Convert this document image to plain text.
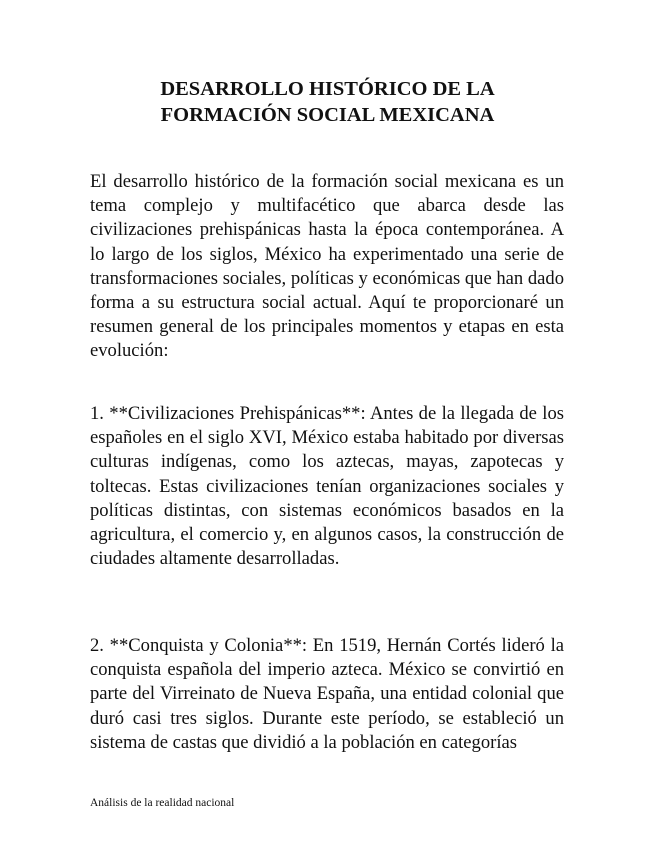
DESARROLLO HISTÓRICO DE LA
FORMACIÓN SOCIAL MEXICANA

El desarrollo histórico de la formación social mexicana es un tema complejo y multifacético que abarca desde las civilizaciones prehispánicas hasta la época contemporánea. A lo largo de los siglos, México ha experimentado una serie de transformaciones sociales, políticas y económicas que han dado forma a su estructura social actual. Aquí te proporcionaré un resumen general de los principales momentos y etapas en esta evolución:

1. **Civilizaciones Prehispánicas**: Antes de la llegada de los españoles en el siglo XVI, México estaba habitado por diversas culturas indígenas, como los aztecas, mayas, zapotecas y toltecas. Estas civilizaciones tenían organizaciones sociales y políticas distintas, con sistemas económicos basados en la agricultura, el comercio y, en algunos casos, la construcción de ciudades altamente desarrolladas.

2. **Conquista y Colonia**: En 1519, Hernán Cortés lideró la conquista española del imperio azteca. México se convirtió en parte del Virreinato de Nueva España, una entidad colonial que duró casi tres siglos. Durante este período, se estableció un sistema de castas que dividió a la población en categorías

Análisis de la realidad nacional
